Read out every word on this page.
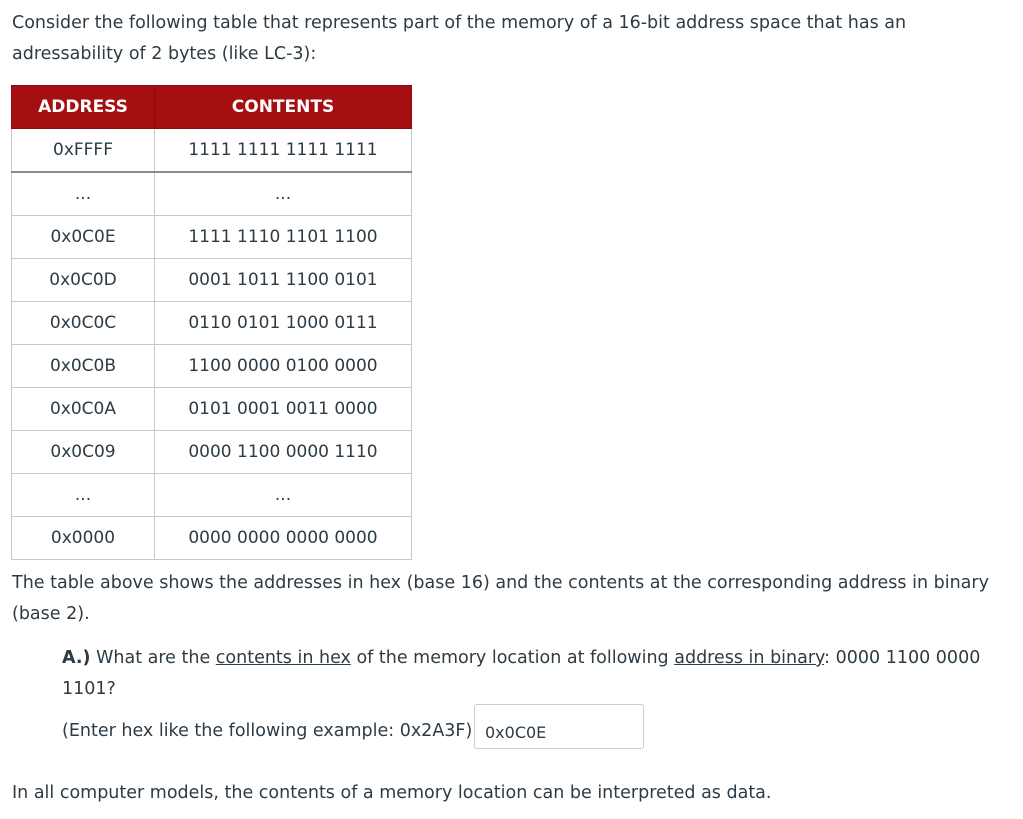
Consider the following table that represents part of the memory of a 16-bit address space that has an adressability of 2 bytes (like LC-3):

ADDRESS	CONTENTS
0xFFFF	1111 1111 1111 1111
...	...
0x0C0E	1111 1110 1101 1100
0x0C0D	0001 1011 1100 0101
0x0C0C	0110 0101 1000 0111
0x0C0B	1100 0000 0100 0000
0x0C0A	0101 0001 0011 0000
0x0C09	0000 1100 0000 1110
...	...
0x0000	0000 0000 0000 0000

The table above shows the addresses in hex (base 16) and the contents at the corresponding address in binary (base 2).

A.) What are the contents in hex of the memory location at following address in binary: 0000 1100 0000 1101?

(Enter hex like the following example: 0x2A3F)
0x0C0E

In all computer models, the contents of a memory location can be interpreted as data.
